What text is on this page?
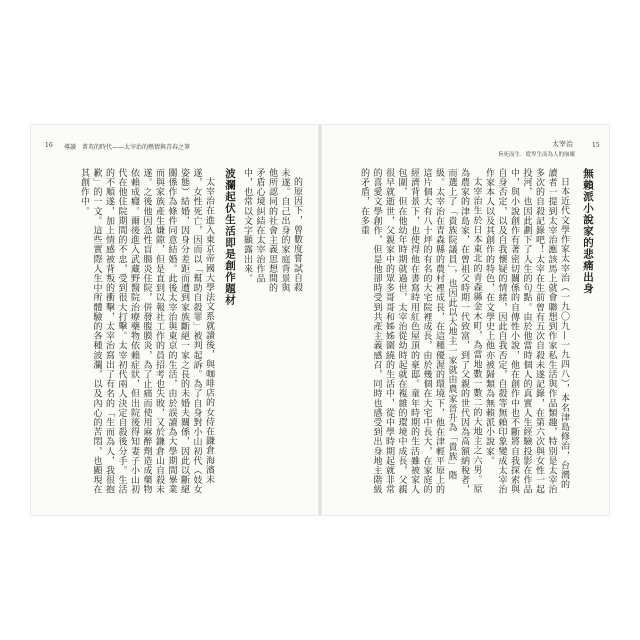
16 導讀　菁英的時代——太宰治的熱情與青春之筆

的原因下，曾數度嘗試自殺未遂。自己出身的家庭背景與他所認同的社會主義思想間的矛盾心境糾結在太宰治作品中，也常以文字顯露出來。

波瀾起伏生活即是創作題材

太宰治在進入東京帝國大學法文系就讀後，與咖啡店的女侍在鎌倉海濱未遂，女性死亡，因而以「幫助自殺罪」被判起訴。為了自身對小山初代（妓女姿態）結婚，因身分差距而遭到家族斷絕一家之長的未婚夫關係，因此以斷絕關係作為條件同意結婚。此後太宰治與東京的生活，由於誤讀為大學期間畢業而與家族產生嫌隙，但是直到以報社工作的員招考也失敗，又於鎌倉山自殺未遂。之後他因急性盲腸炎住院，併發腹膜炎，為了止痛而使用麻醉劑造成藥物依賴成癮。爾後進入武藏野醫院治療藥物依賴症狀，但出院後得知妻子小山初代在他住院期間的不忠，受到很大打擊。太宰初代兩人決定自殺後分手。生活的不順遂，加上情感被背叛的衝擊，太宰治寫出了有名的「生而為人，我很抱歉」的一文。這些實際人生中所體驗的各種波瀾，以及內心的苦悶，也顯現在其創作中。

太宰治
旨死而生．從卑生而為人的崩壞
15
無賴派小說家的悲痛出身

日本近代文學作家太宰治（一九〇九—一九四八），本名津島修治，台灣的讀者一提到太宰治應該馬上就會聯想到作家私生活與作品類趣，特別是太宰治多次的自殺記錄吧！太宰在生前曾有五次自殺未遂記錄，在第六次與女性一起投河，也因此劃下了人生的句點。由於他當時個人的真實人生經驗投影在作品中，與小說創作有著密切關係的自傳性小說，他在創作中也不斷將自我探索與自身否定，以及自我懷疑的情緒，因此自我否定，自殺等無賴印象變成太宰治作家本人以及其創作的特色，在文學史上他亦被歸類為無賴派小說家。

太宰治生於日本東北的青森縣金木町，為當地數一數二的大地主之六男。原為農家的津島家，在曾祖父時期一代致富，到了父親的世代因為高額納稅者，而選上了「貴族院議員」，也因此以大地主一家就由農家晉升為「貴族」階級。太宰治在青森縣的農村裡成長，在這種優渥的環境下，他在津輕平原上的這片個大有八十坪的有名的大宅院裡成長，由於幾個在大宅中長大，在家庭的經濟背景下，也使得他在書寫時用紅色屋頂的豪邸。童年時期的生活雖被家人包圍，但在他幼年時期就過世，太宰治從幼時起就在複雜的環境中成長，父親很早就逝世，父親家中的眾多哥哥和姊姊圍繞的生活中，從中學時期起就非常的喜愛文學創作，但是他卻時受到共產主義感召，同時也感受到出身地主階級的矛盾，在多重
